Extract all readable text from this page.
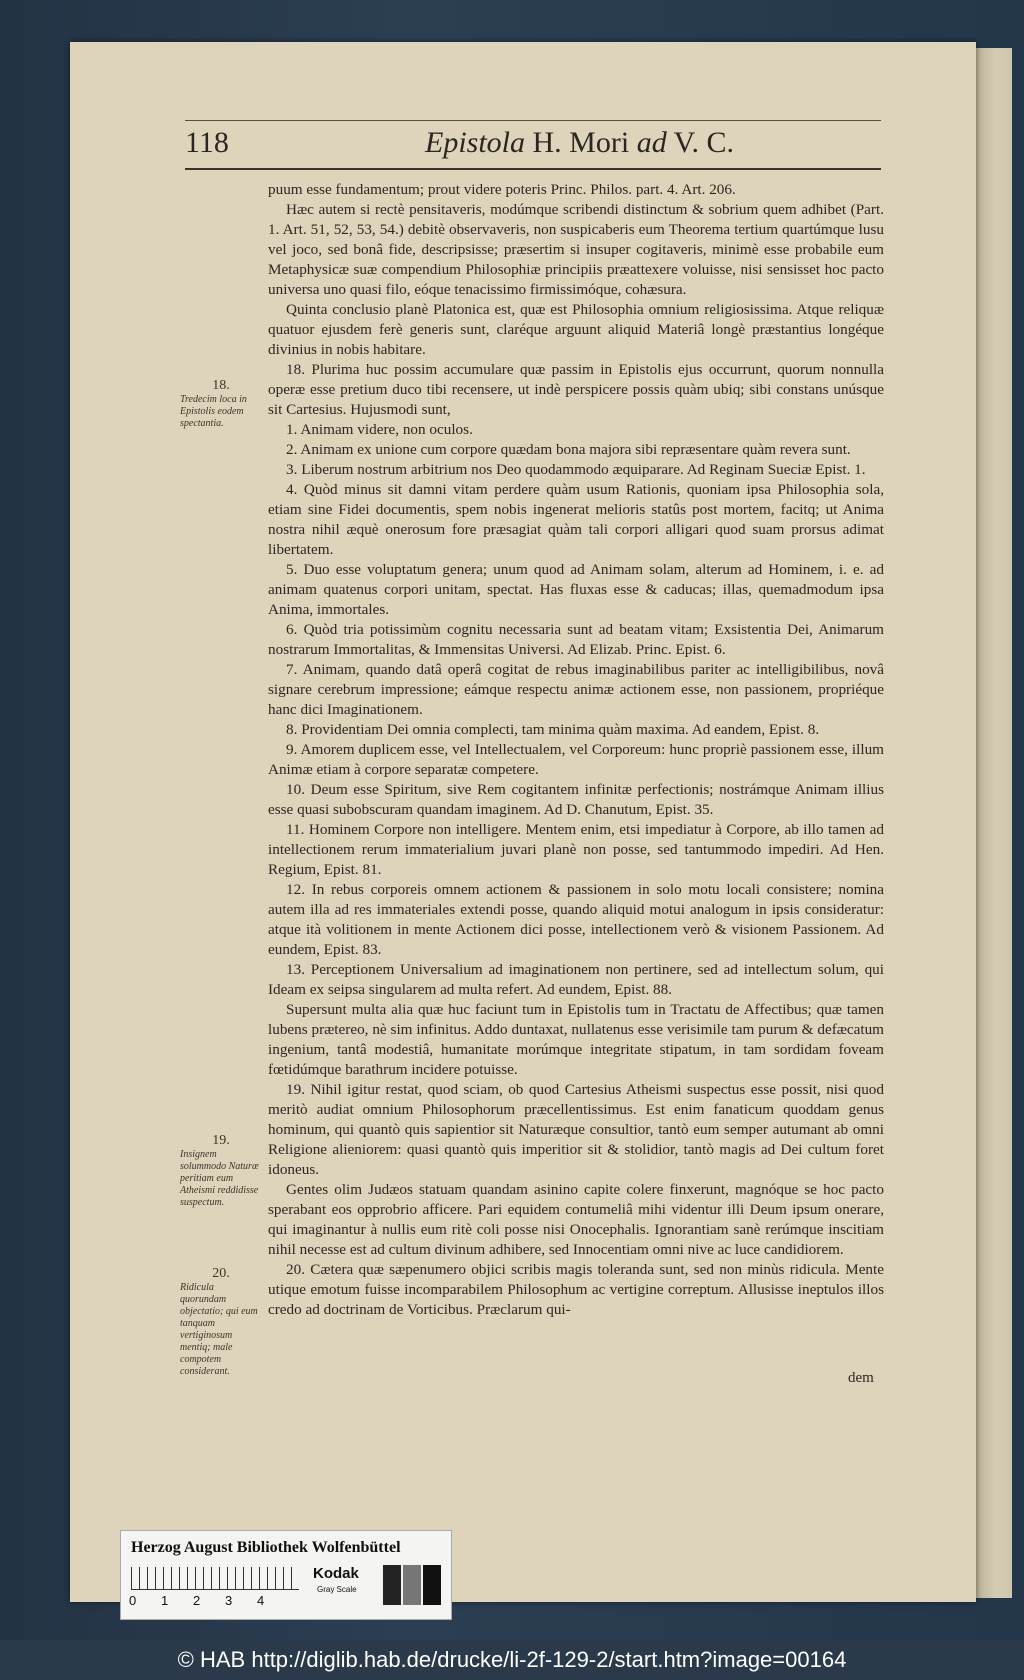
118	Epistola H. Mori ad V. C.

puum esse fundamentum; prout videre poteris Princ. Philos. part. 4. Art. 206.

Hæc autem si rectè pensitaveris, modúmque scribendi distinctum & sobrium quem adhibet (Part. 1. Art. 51, 52, 53, 54.) debitè observaveris, non suspicaberis eum Theorema tertium quartúmque lusu vel joco, sed bonâ fide, descripsisse; præsertim si insuper cogitaveris, minimè esse probabile eum Metaphysicæ suæ compendium Philosophiæ principiis præattexere voluisse, nisi sensisset hoc pacto universa uno quasi filo, eóque tenacissimo firmissimóque, cohæsura.

Quinta conclusio planè Platonica est, quæ est Philosophia omnium religiosissima. Atque reliquæ quatuor ejusdem ferè generis sunt, claréque arguunt aliquid Materiâ longè præstantius longéque divinius in nobis habitare.

18. Plurima huc possim accumulare quæ passim in Epistolis ejus occurrunt, quorum nonnulla operæ esse pretium duco tibi recensere, ut indè perspicere possis quàm ubiq; sibi constans unúsque sit Cartesius. Hujusmodi sunt,

1. Animam videre, non oculos.

2. Animam ex unione cum corpore quædam bona majora sibi repræsentare quàm revera sunt.

3. Liberum nostrum arbitrium nos Deo quodammodo æquiparare. Ad Reginam Sueciæ Epist. 1.

4. Quòd minus sit damni vitam perdere quàm usum Rationis, quoniam ipsa Philosophia sola, etiam sine Fidei documentis, spem nobis ingenerat melioris statûs post mortem, facitq; ut Anima nostra nihil æquè onerosum fore præsagiat quàm tali corpori alligari quod suam prorsus adimat libertatem.

5. Duo esse voluptatum genera; unum quod ad Animam solam, alterum ad Hominem, i. e. ad animam quatenus corpori unitam, spectat. Has fluxas esse & caducas; illas, quemadmodum ipsa Anima, immortales.

6. Quòd tria potissimùm cognitu necessaria sunt ad beatam vitam; Exsistentia Dei, Animarum nostrarum Immortalitas, & Immensitas Universi. Ad Elizab. Princ. Epist. 6.

7. Animam, quando datâ operâ cogitat de rebus imaginabilibus pariter ac intelligibilibus, novâ signare cerebrum impressione; eámque respectu animæ actionem esse, non passionem, propriéque hanc dici Imaginationem.

8. Providentiam Dei omnia complecti, tam minima quàm maxima. Ad eandem, Epist. 8.

9. Amorem duplicem esse, vel Intellectualem, vel Corporeum: hunc propriè passionem esse, illum Animæ etiam à corpore separatæ competere.

10. Deum esse Spiritum, sive Rem cogitantem infinitæ perfectionis; nostrámque Animam illius esse quasi subobscuram quandam imaginem. Ad D. Chanutum, Epist. 35.

11. Hominem Corpore non intelligere. Mentem enim, etsi impediatur à Corpore, ab illo tamen ad intellectionem rerum immaterialium juvari planè non posse, sed tantummodo impediri. Ad Hen. Regium, Epist. 81.

12. In rebus corporeis omnem actionem & passionem in solo motu locali consistere; nomina autem illa ad res immateriales extendi posse, quando aliquid motui analogum in ipsis consideratur: atque ità volitionem in mente Actionem dici posse, intellectionem verò & visionem Passionem. Ad eundem, Epist. 83.

13. Perceptionem Universalium ad imaginationem non pertinere, sed ad intellectum solum, qui Ideam ex seipsa singularem ad multa refert. Ad eundem, Epist. 88.

Supersunt multa alia quæ huc faciunt tum in Epistolis tum in Tractatu de Affectibus; quæ tamen lubens prætereo, nè sim infinitus. Addo duntaxat, nullatenus esse verisimile tam purum & defæcatum ingenium, tantâ modestiâ, humanitate morúmque integritate stipatum, in tam sordidam foveam fœtidúmque barathrum incidere potuisse.

19. Nihil igitur restat, quod sciam, ob quod Cartesius Atheismi suspectus esse possit, nisi quod meritò audiat omnium Philosophorum præcellentissimus. Est enim fanaticum quoddam genus hominum, qui quantò quis sapientior sit Naturæque consultior, tantò eum semper autumant ab omni Religione alieniorem: quasi quantò quis imperitior sit & stolidior, tantò magis ad Dei cultum foret idoneus.

Gentes olim Judæos statuam quandam asinino capite colere finxerunt, magnóque se hoc pacto sperabant eos opprobrio afficere. Pari equidem contumeliâ mihi videntur illi Deum ipsum onerare, qui imaginantur à nullis eum ritè coli posse nisi Onocephalis. Ignorantiam sanè rerúmque inscitiam nihil necesse est ad cultum divinum adhibere, sed Innocentiam omni nive ac luce candidiorem.

20. Cætera quæ sæpenumero objici scribis magis toleranda sunt, sed non minùs ridicula. Mente utique emotum fuisse incomparabilem Philosophum ac vertigine correptum. Allusisse ineptulos illos credo ad doctrinam de Vorticibus. Præclarum qui-

18.
Tredecim loca in Epistolis eodem spectantia.
19.
Insignem solummodo Naturæ peritiam eum Atheismi reddidisse suspectum.
20.
Ridicula quorundam objectatio; qui eum tanquam vertiginosum mentiq; male compotem considerant.	dem
Herzog August Bibliothek Wolfenbüttel
0 1 2 3 4
Kodak
Gray Scale
© HAB http://diglib.hab.de/drucke/li-2f-129-2/start.htm?image=00164
